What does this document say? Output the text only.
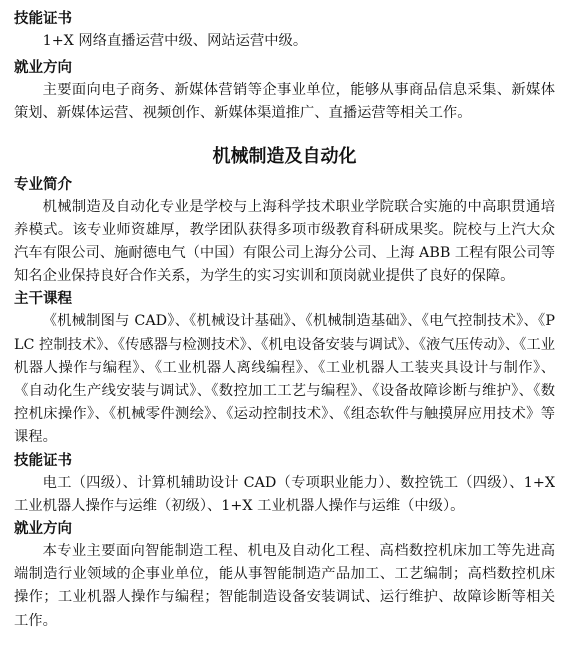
技能证书

1+X 网络直播运营中级、网站运营中级。

就业方向

主要面向电子商务、新媒体营销等企事业单位，能够从事商品信息采集、新媒体策划、新媒体运营、视频创作、新媒体渠道推广、直播运营等相关工作。

机械制造及自动化
专业简介

机械制造及自动化专业是学校与上海科学技术职业学院联合实施的中高职贯通培养模式。该专业师资雄厚，教学团队获得多项市级教育科研成果奖。院校与上汽大众汽车有限公司、施耐德电气（中国）有限公司上海分公司、上海 ABB 工程有限公司等知名企业保持良好合作关系，为学生的实习实训和顶岗就业提供了良好的保障。

主干课程

《机械制图与 CAD》、《机械设计基础》、《机械制造基础》、《电气控制技术》、《PLC 控制技术》、《传感器与检测技术》、《机电设备安装与调试》、《液气压传动》、《工业机器人操作与编程》、《工业机器人离线编程》、《工业机器人工装夹具设计与制作》、《自动化生产线安装与调试》、《数控加工工艺与编程》、《设备故障诊断与维护》、《数控机床操作》、《机械零件测绘》、《运动控制技术》、《组态软件与触摸屏应用技术》等课程。

技能证书

电工（四级）、计算机辅助设计 CAD（专项职业能力）、数控铣工（四级）、1+X 工业机器人操作与运维（初级）、1+X 工业机器人操作与运维（中级）。

就业方向

本专业主要面向智能制造工程、机电及自动化工程、高档数控机床加工等先进高端制造行业领域的企事业单位，能从事智能制造产品加工、工艺编制；高档数控机床操作；工业机器人操作与编程；智能制造设备安装调试、运行维护、故障诊断等相关工作。
